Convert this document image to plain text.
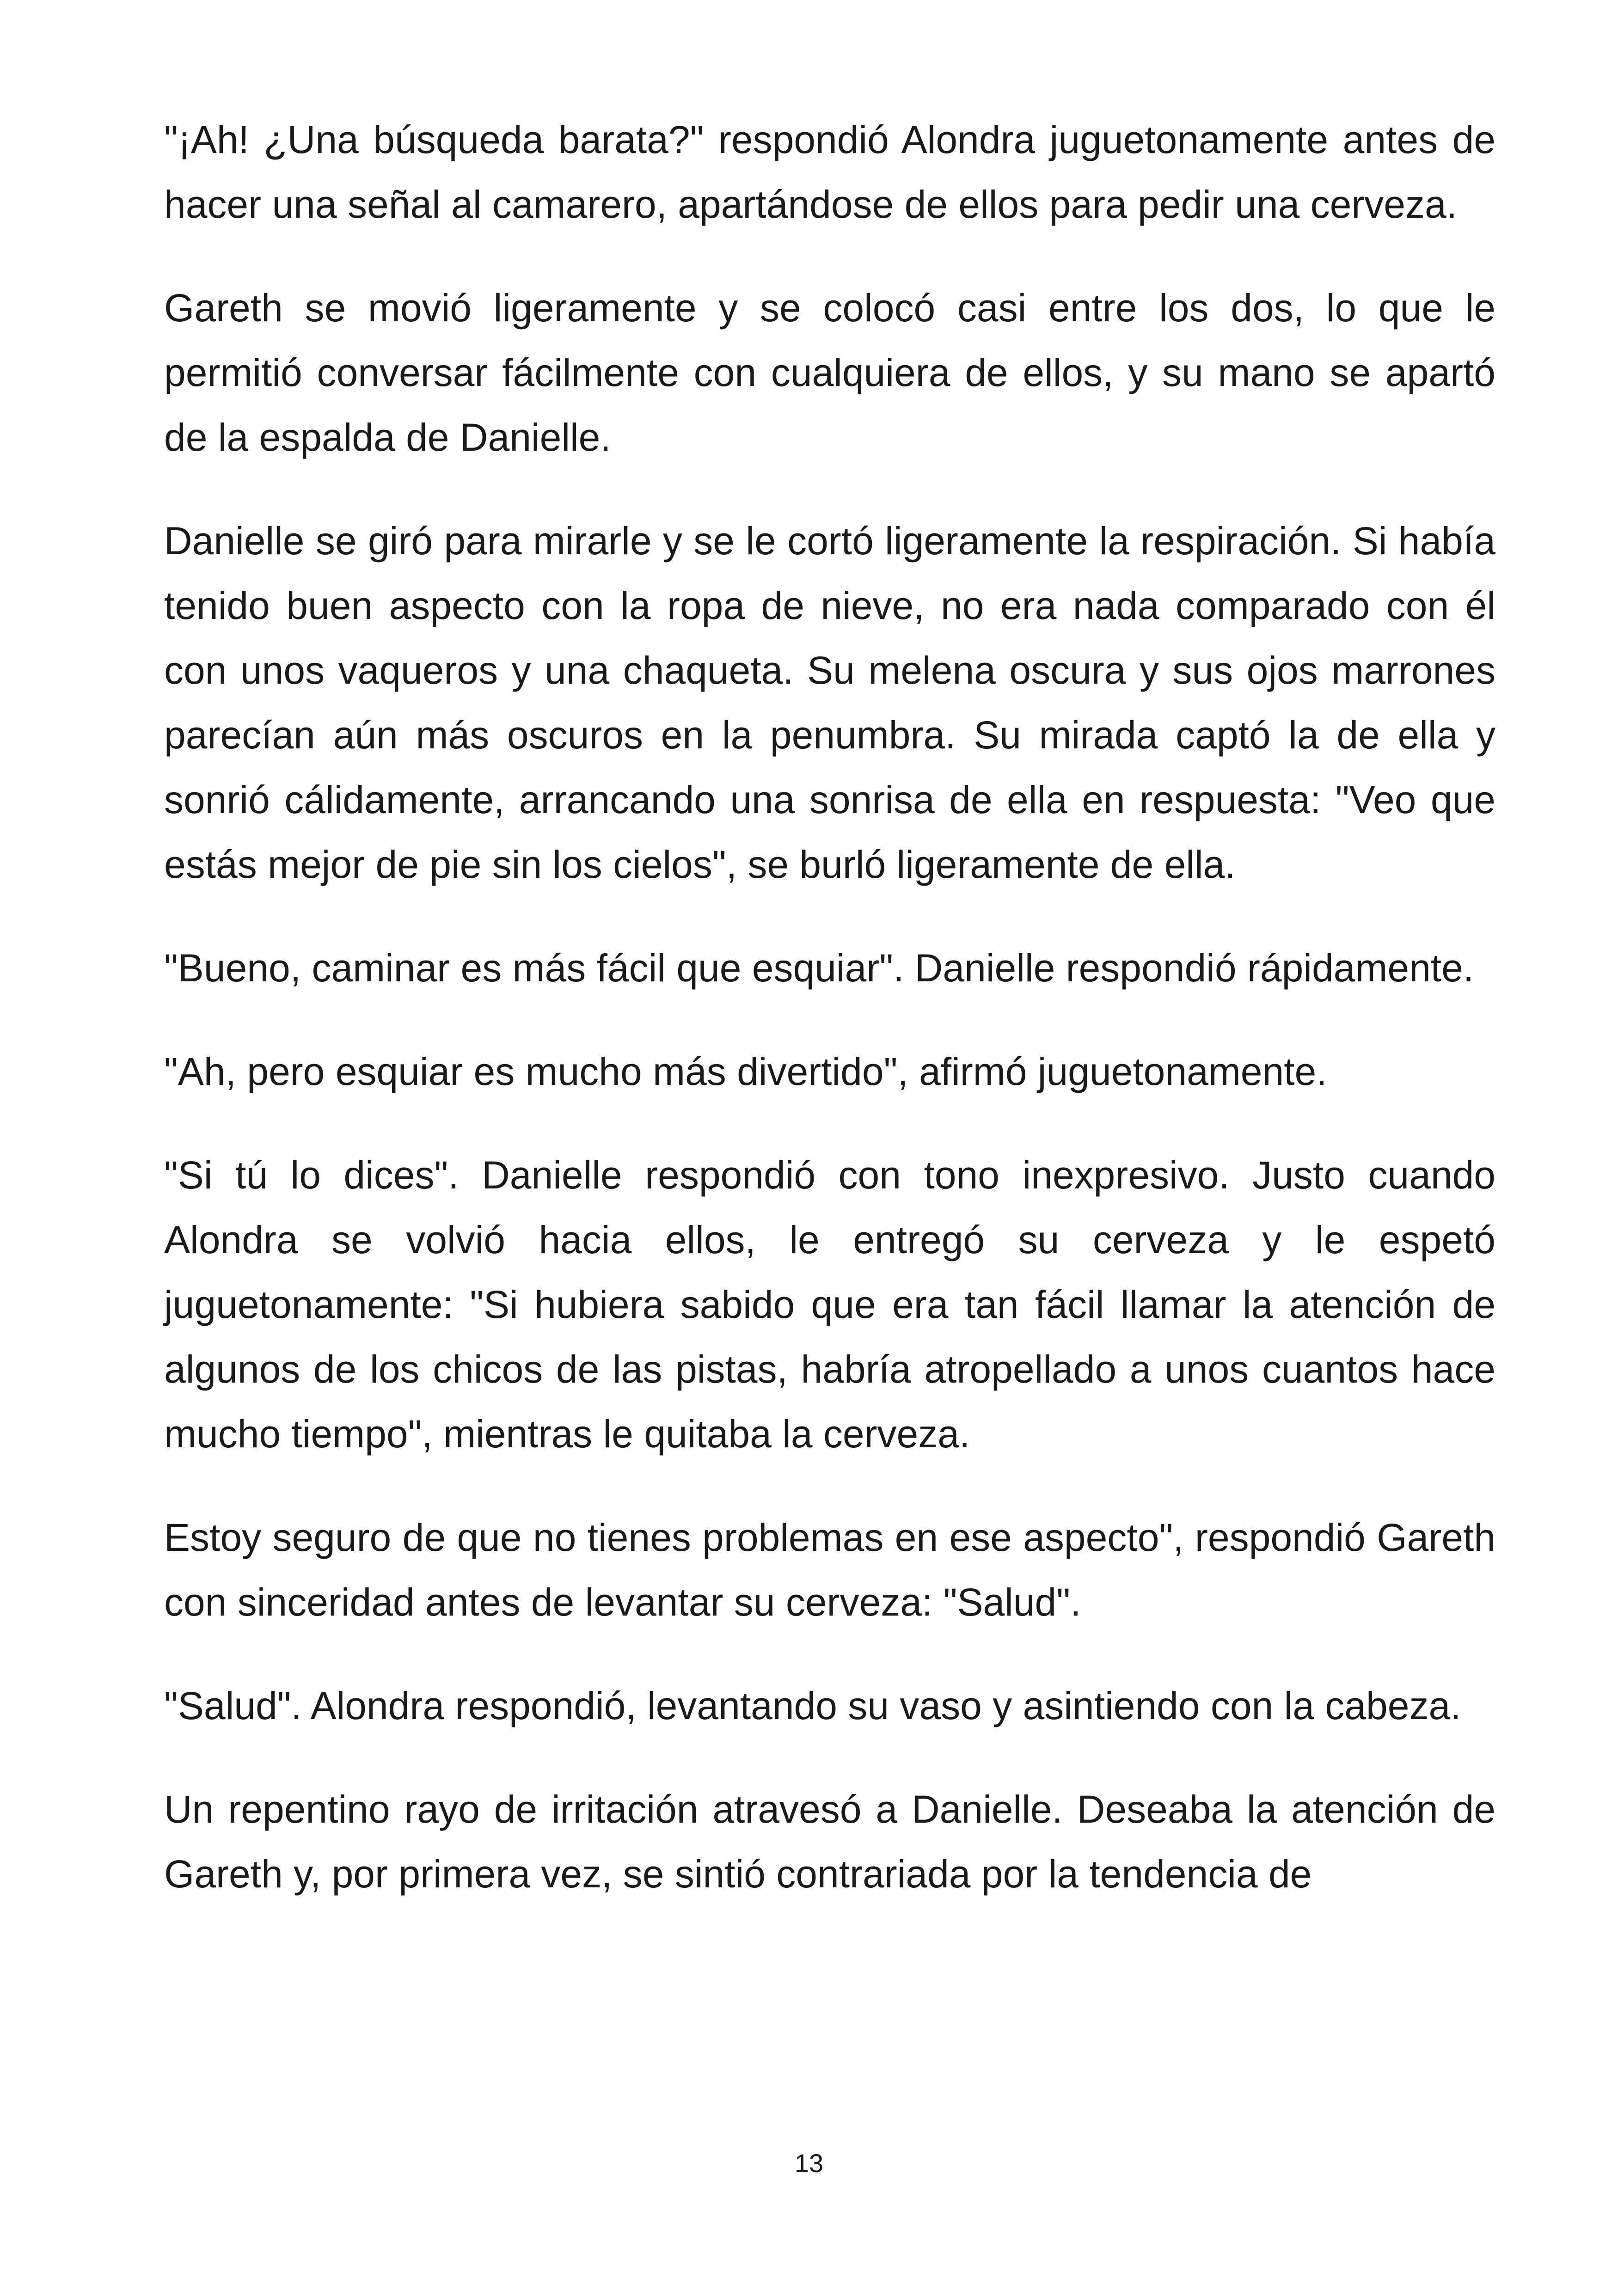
"¡Ah! ¿Una búsqueda barata?" respondió Alondra juguetonamente antes de hacer una señal al camarero, apartándose de ellos para pedir una cerveza.

Gareth se movió ligeramente y se colocó casi entre los dos, lo que le permitió conversar fácilmente con cualquiera de ellos, y su mano se apartó de la espalda de Danielle.

Danielle se giró para mirarle y se le cortó ligeramente la respiración. Si había tenido buen aspecto con la ropa de nieve, no era nada comparado con él con unos vaqueros y una chaqueta. Su melena oscura y sus ojos marrones parecían aún más oscuros en la penumbra. Su mirada captó la de ella y sonrió cálidamente, arrancando una sonrisa de ella en respuesta: "Veo que estás mejor de pie sin los cielos", se burló ligeramente de ella.

"Bueno, caminar es más fácil que esquiar". Danielle respondió rápidamente.

"Ah, pero esquiar es mucho más divertido", afirmó juguetonamente.

"Si tú lo dices". Danielle respondió con tono inexpresivo. Justo cuando Alondra se volvió hacia ellos, le entregó su cerveza y le espetó juguetonamente: "Si hubiera sabido que era tan fácil llamar la atención de algunos de los chicos de las pistas, habría atropellado a unos cuantos hace mucho tiempo", mientras le quitaba la cerveza.

Estoy seguro de que no tienes problemas en ese aspecto", respondió Gareth con sinceridad antes de levantar su cerveza: "Salud".

"Salud". Alondra respondió, levantando su vaso y asintiendo con la cabeza.

Un repentino rayo de irritación atravesó a Danielle. Deseaba la atención de Gareth y, por primera vez, se sintió contrariada por la tendencia de

13
